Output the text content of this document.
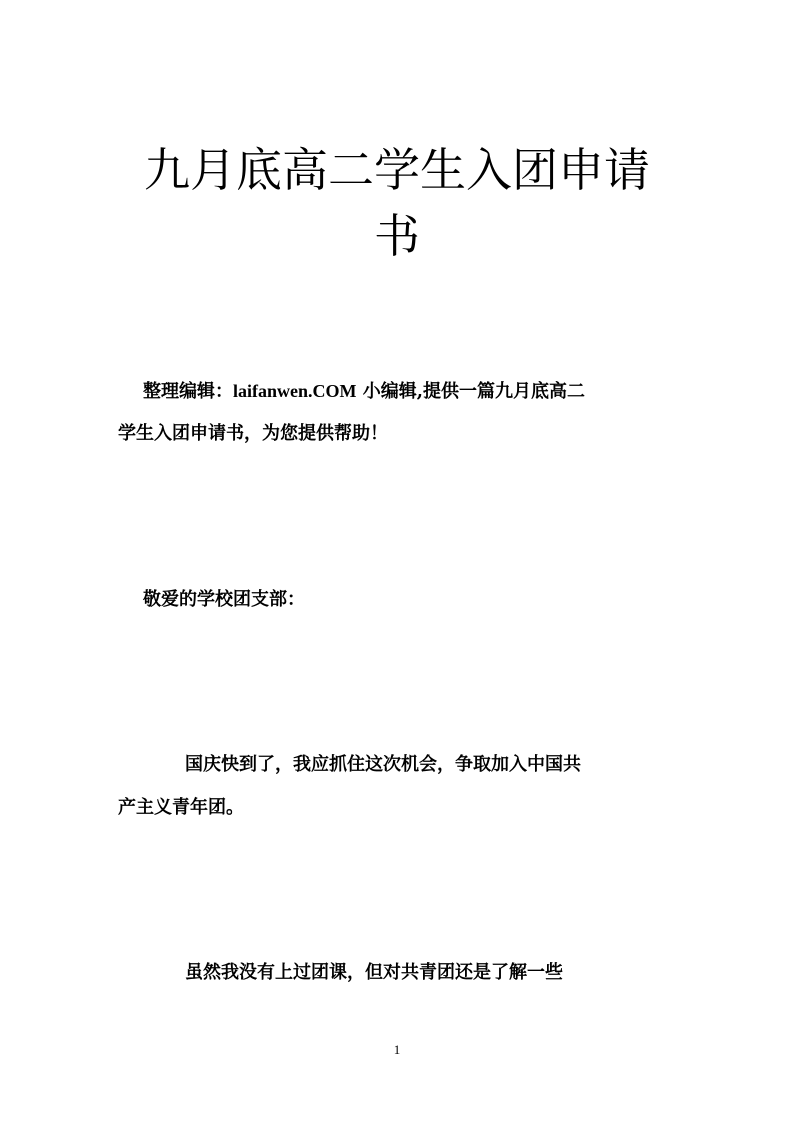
九月底高二学生入团申请
书

整理编辑：laifanwen.COM 小编辑,提供一篇九月底高二

学生入团申请书，为您提供帮助！

敬爱的学校团支部：

国庆快到了，我应抓住这次机会，争取加入中国共

产主义青年团。

虽然我没有上过团课，但对共青团还是了解一些

1
